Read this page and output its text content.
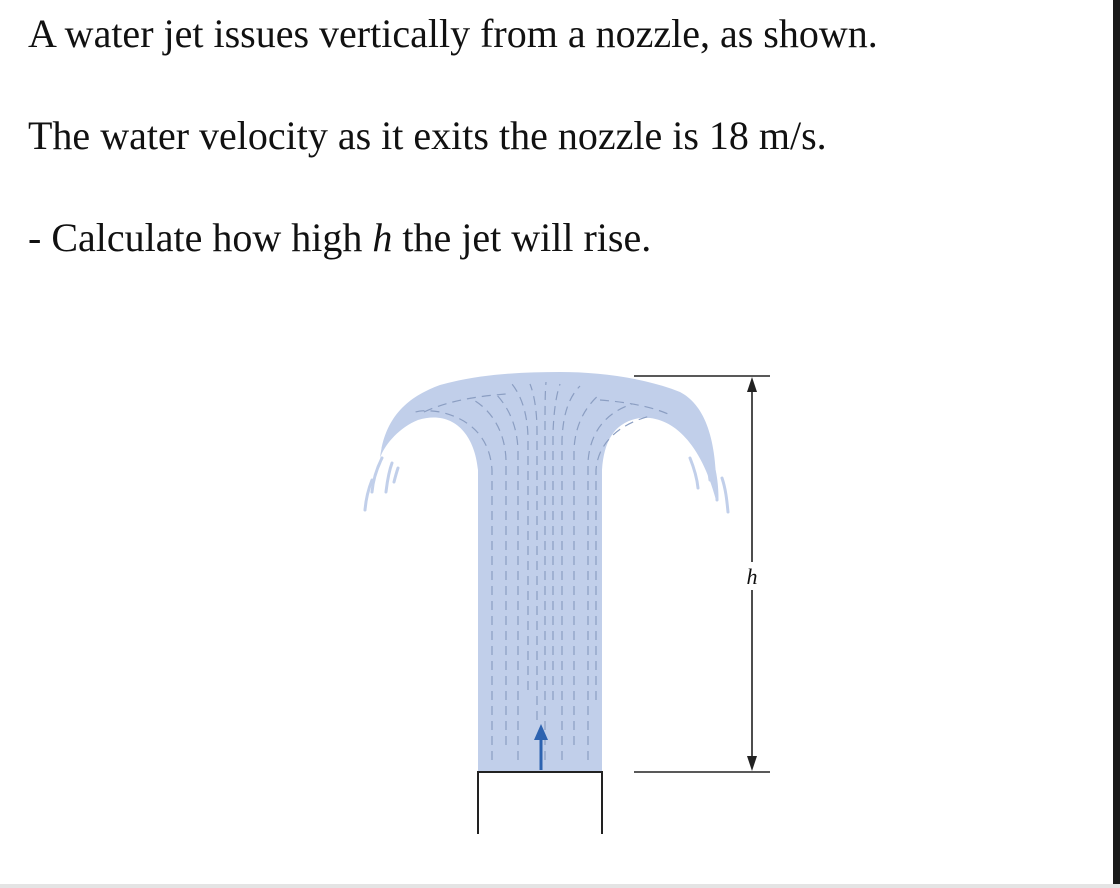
A water jet issues vertically from a nozzle, as shown.

The water velocity as it exits the nozzle is 18 m/s.

- Calculate how high h the jet will rise.

h
